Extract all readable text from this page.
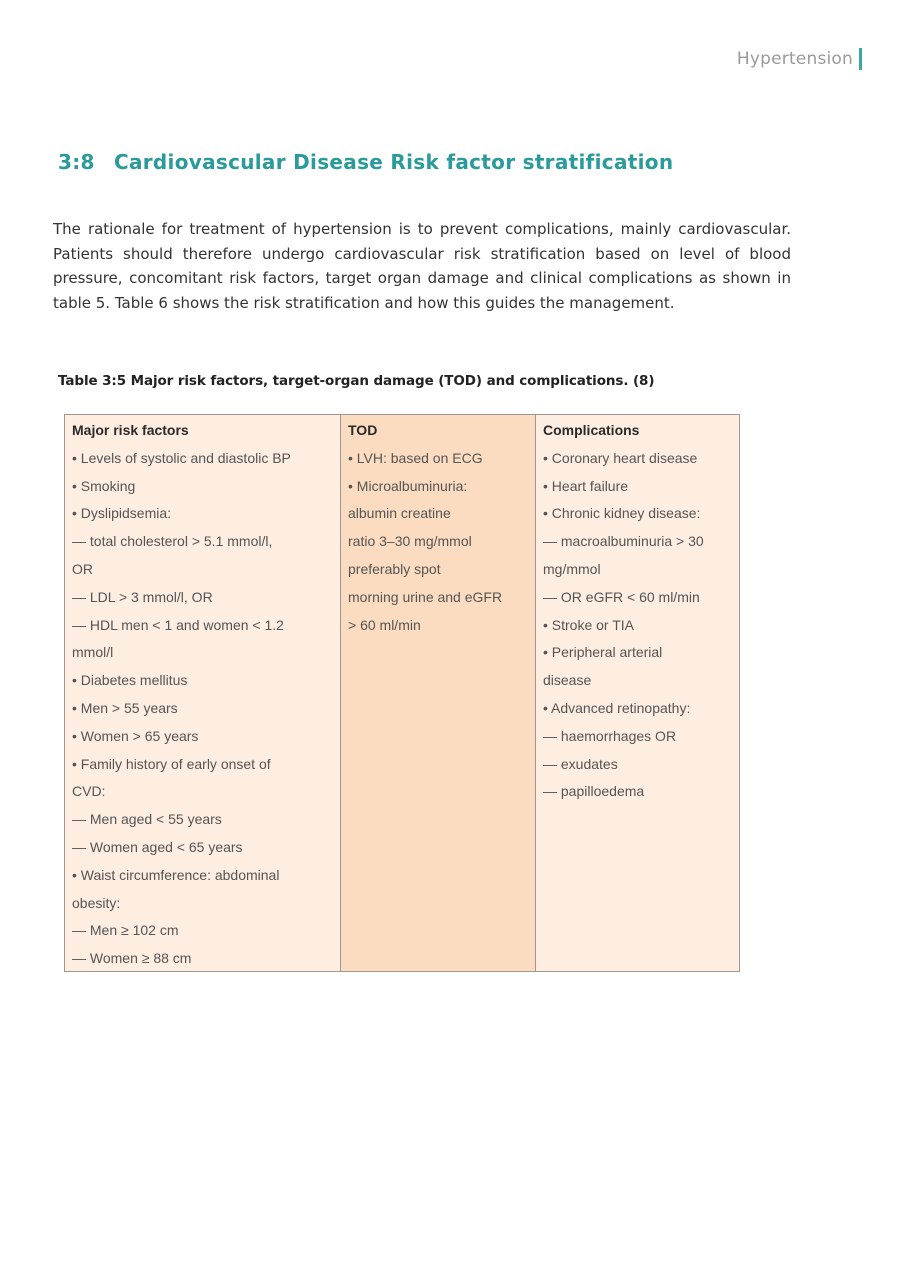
Hypertension
3:8 Cardiovascular Disease Risk factor stratification

The rationale for treatment of hypertension is to prevent complications, mainly cardiovascular. Patients should therefore undergo cardiovascular risk stratification based on level of blood pressure, concomitant risk factors, target organ damage and clinical complications as shown in table 5. Table 6 shows the risk stratification and how this guides the management.

Table 3:5 Major risk factors, target-organ damage (TOD) and complications. (8)
Major risk factors
• Levels of systolic and diastolic BP
• Smoking
• Dyslipidsemia:
— total cholesterol > 5.1 mmol/l,
OR
— LDL > 3 mmol/l, OR
— HDL men < 1 and women < 1.2
mmol/l
• Diabetes mellitus
• Men > 55 years
• Women > 65 years
• Family history of early onset of
CVD:
— Men aged < 55 years
— Women aged < 65 years
• Waist circumference: abdominal
obesity:
— Men ≥ 102 cm
— Women ≥ 88 cm
TOD
• LVH: based on ECG
• Microalbuminuria:
albumin creatine
ratio 3–30 mg/mmol
preferably spot
morning urine and eGFR
> 60 ml/min
Complications
• Coronary heart disease
• Heart failure
• Chronic kidney disease:
— macroalbuminuria > 30
mg/mmol
— OR eGFR < 60 ml/min
• Stroke or TIA
• Peripheral arterial
disease
• Advanced retinopathy:
— haemorrhages OR
— exudates
— papilloedema
